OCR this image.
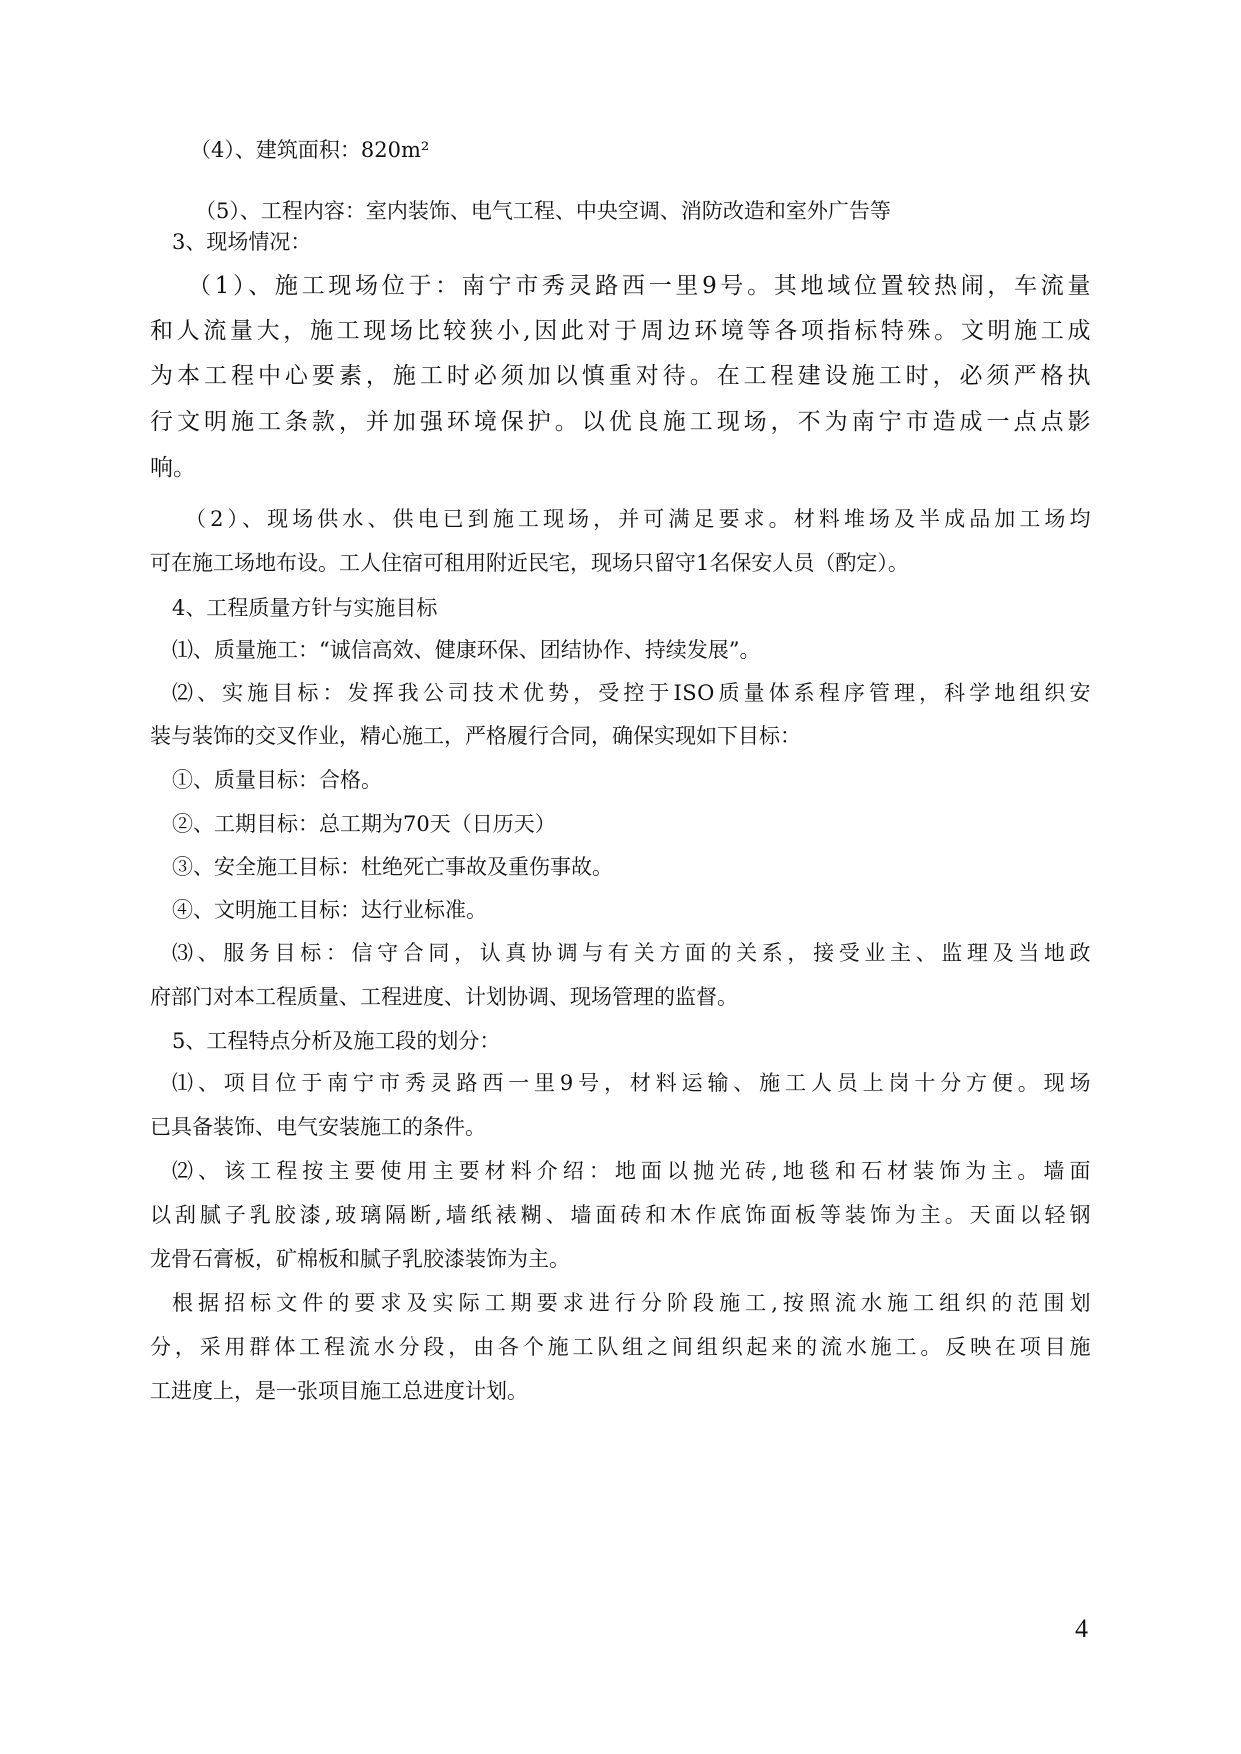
（4）、建筑面积：820m²
（5）、工程内容：室内装饰、电气工程、中央空调、消防改造和室外广告等
3、现场情况：
（1）、施工现场位于：南宁市秀灵路西一里9号。其地域位置较热闹，车流量
和人流量大，施工现场比较狭小,因此对于周边环境等各项指标特殊。文明施工成
为本工程中心要素，施工时必须加以慎重对待。在工程建设施工时，必须严格执
行文明施工条款，并加强环境保护。以优良施工现场，不为南宁市造成一点点影
响。
（2）、现场供水、供电已到施工现场，并可满足要求。材料堆场及半成品加工场均
可在施工场地布设。工人住宿可租用附近民宅，现场只留守1名保安人员（酌定）。
4、工程质量方针与实施目标
⑴、质量施工：“诚信高效、健康环保、团结协作、持续发展”。
⑵、实施目标：发挥我公司技术优势，受控于ISO质量体系程序管理，科学地组织安
装与装饰的交叉作业，精心施工，严格履行合同，确保实现如下目标：
①、质量目标：合格。
②、工期目标：总工期为70天（日历天）
③、安全施工目标：杜绝死亡事故及重伤事故。
④、文明施工目标：达行业标准。
⑶、服务目标：信守合同，认真协调与有关方面的关系，接受业主、监理及当地政
府部门对本工程质量、工程进度、计划协调、现场管理的监督。
5、工程特点分析及施工段的划分：
⑴、项目位于南宁市秀灵路西一里9号，材料运输、施工人员上岗十分方便。现场
已具备装饰、电气安装施工的条件。
⑵、该工程按主要使用主要材料介绍：地面以抛光砖,地毯和石材装饰为主。墙面
以刮腻子乳胶漆,玻璃隔断,墙纸裱糊、墙面砖和木作底饰面板等装饰为主。天面以轻钢
龙骨石膏板，矿棉板和腻子乳胶漆装饰为主。
根据招标文件的要求及实际工期要求进行分阶段施工,按照流水施工组织的范围划
分，采用群体工程流水分段，由各个施工队组之间组织起来的流水施工。反映在项目施
工进度上，是一张项目施工总进度计划。
4
